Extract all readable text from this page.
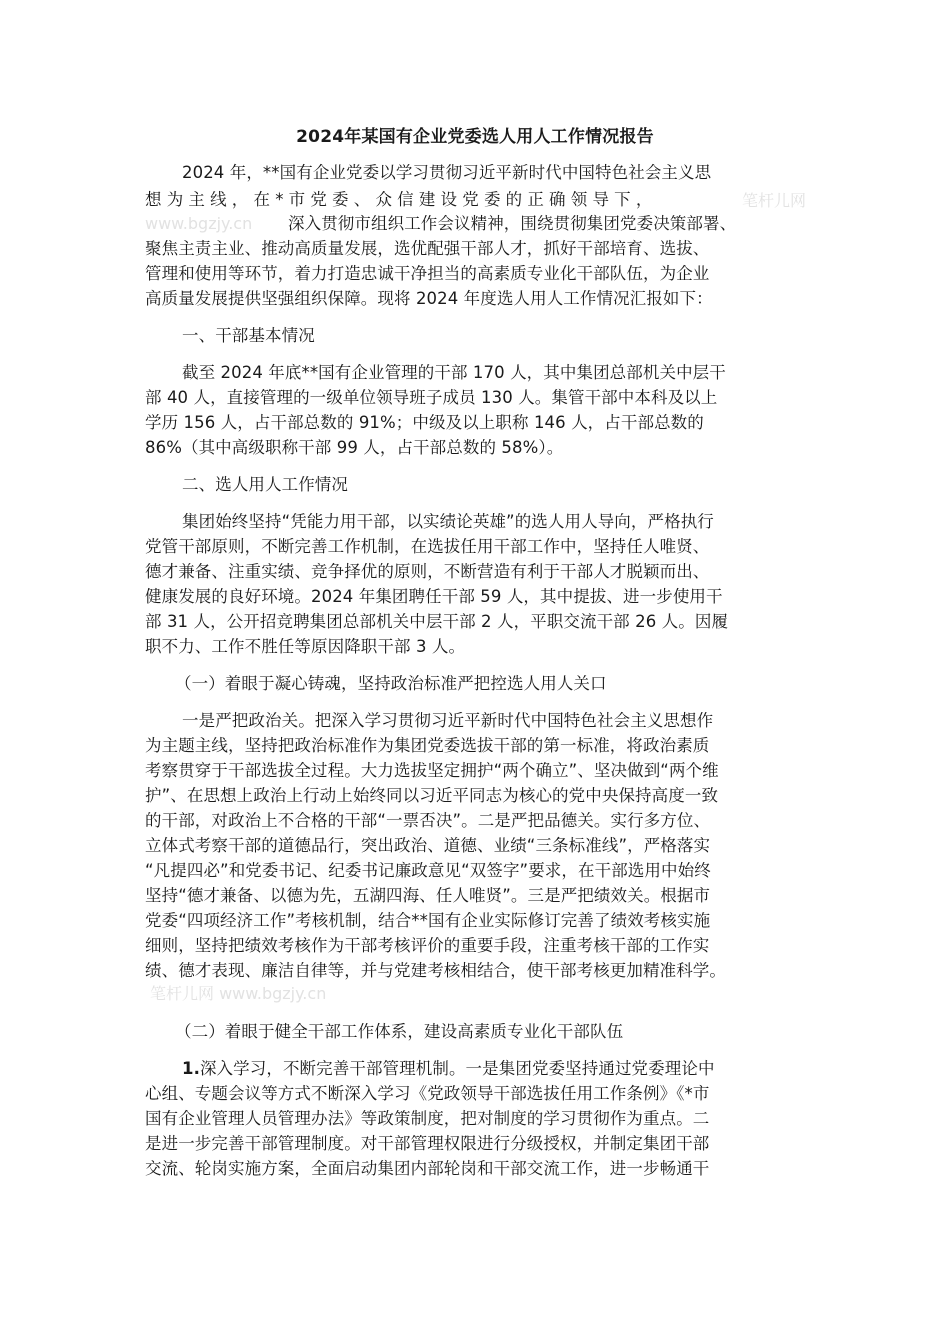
2024年某国有企业党委选人用人工作情况报告
2024 年，**国有企业党委以学习贯彻习近平新时代中国特色社会主义思
想为主线，在*市党委、众信建设党委的正确领导下，
深入贯彻市组织工作会议精神，围绕贯彻集团党委决策部署、
聚焦主责主业、推动高质量发展，选优配强干部人才，抓好干部培育、选拔、
管理和使用等环节，着力打造忠诚干净担当的高素质专业化干部队伍，为企业
高质量发展提供坚强组织保障。现将 2024 年度选人用人工作情况汇报如下：
一、干部基本情况
截至 2024 年底**国有企业管理的干部 170 人，其中集团总部机关中层干
部 40 人，直接管理的一级单位领导班子成员 130 人。集管干部中本科及以上
学历 156 人，占干部总数的 91%；中级及以上职称 146 人，占干部总数的
86%（其中高级职称干部 99 人，占干部总数的 58%）。
二、选人用人工作情况
集团始终坚持“凭能力用干部，以实绩论英雄”的选人用人导向，严格执行
党管干部原则，不断完善工作机制，在选拔任用干部工作中，坚持任人唯贤、
德才兼备、注重实绩、竞争择优的原则，不断营造有利于干部人才脱颖而出、
健康发展的良好环境。2024 年集团聘任干部 59 人，其中提拔、进一步使用干
部 31 人，公开招竞聘集团总部机关中层干部 2 人，平职交流干部 26 人。因履
职不力、工作不胜任等原因降职干部 3 人。
（一）着眼于凝心铸魂，坚持政治标准严把控选人用人关口
一是严把政治关。把深入学习贯彻习近平新时代中国特色社会主义思想作
为主题主线，坚持把政治标准作为集团党委选拔干部的第一标准，将政治素质
考察贯穿于干部选拔全过程。大力选拔坚定拥护“两个确立”、坚决做到“两个维
护”、在思想上政治上行动上始终同以习近平同志为核心的党中央保持高度一致
的干部，对政治上不合格的干部“一票否决”。二是严把品德关。实行多方位、
立体式考察干部的道德品行，突出政治、道德、业绩“三条标准线”，严格落实
“凡提四必”和党委书记、纪委书记廉政意见“双签字”要求，在干部选用中始终
坚持“德才兼备、以德为先，五湖四海、任人唯贤”。三是严把绩效关。根据市
党委“四项经济工作”考核机制，结合**国有企业实际修订完善了绩效考核实施
细则，坚持把绩效考核作为干部考核评价的重要手段，注重考核干部的工作实
绩、德才表现、廉洁自律等，并与党建考核相结合，使干部考核更加精准科学。
（二）着眼于健全干部工作体系，建设高素质专业化干部队伍
1.深入学习，不断完善干部管理机制。一是集团党委坚持通过党委理论中
心组、专题会议等方式不断深入学习《党政领导干部选拔任用工作条例》《*市
国有企业管理人员管理办法》等政策制度，把对制度的学习贯彻作为重点。二
是进一步完善干部管理制度。对干部管理权限进行分级授权，并制定集团干部
交流、轮岗实施方案，全面启动集团内部轮岗和干部交流工作，进一步畅通干
笔杆儿网
www.bgzjy.cn
笔杆儿网 www.bgzjy.cn
